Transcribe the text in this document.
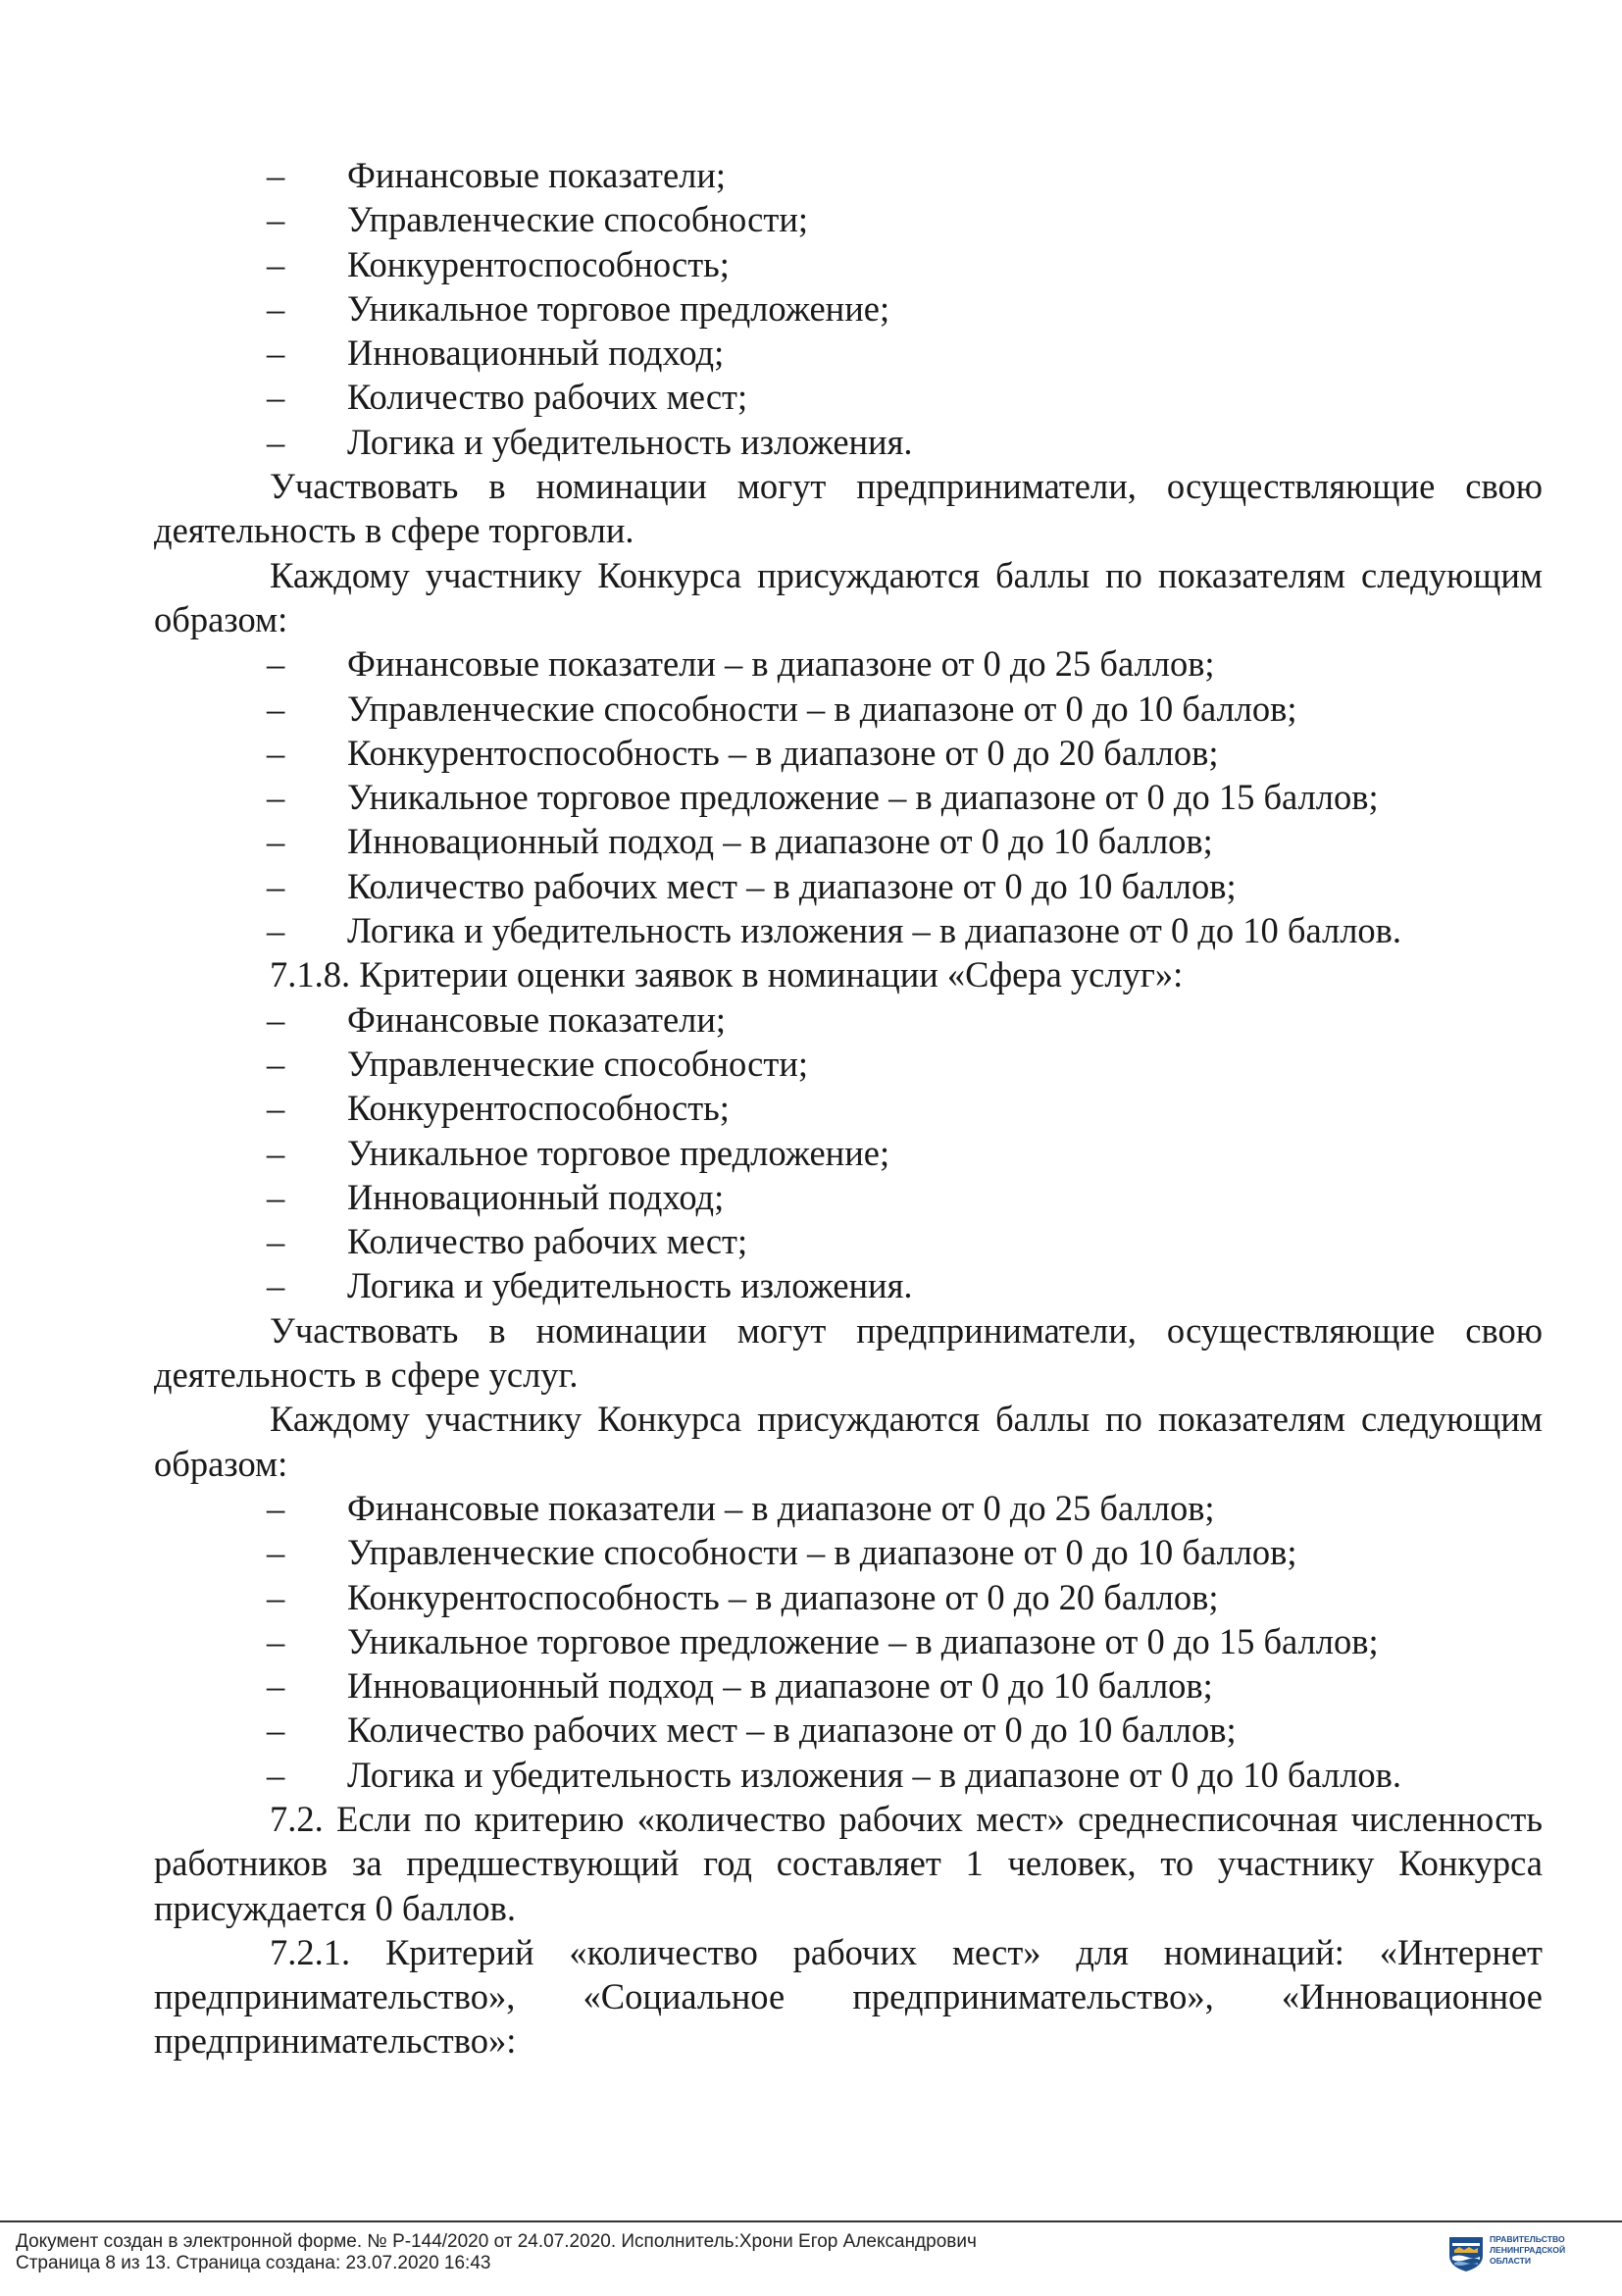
– Финансовые показатели;
– Управленческие способности;
– Конкурентоспособность;
– Уникальное торговое предложение;
– Инновационный подход;
– Количество рабочих мест;
– Логика и убедительность изложения.
Участвовать в номинации могут предприниматели, осуществляющие свою деятельность в сфере торговли.
Каждому участнику Конкурса присуждаются баллы по показателям следующим образом:
– Финансовые показатели – в диапазоне от 0 до 25 баллов;
– Управленческие способности – в диапазоне от 0 до 10 баллов;
– Конкурентоспособность – в диапазоне от 0 до 20 баллов;
– Уникальное торговое предложение – в диапазоне от 0 до 15 баллов;
– Инновационный подход – в диапазоне от 0 до 10 баллов;
– Количество рабочих мест – в диапазоне от 0 до 10 баллов;
– Логика и убедительность изложения – в диапазоне от 0 до 10 баллов.
7.1.8. Критерии оценки заявок в номинации «Сфера услуг»:
– Финансовые показатели;
– Управленческие способности;
– Конкурентоспособность;
– Уникальное торговое предложение;
– Инновационный подход;
– Количество рабочих мест;
– Логика и убедительность изложения.
Участвовать в номинации могут предприниматели, осуществляющие свою деятельность в сфере услуг.
Каждому участнику Конкурса присуждаются баллы по показателям следующим образом:
– Финансовые показатели – в диапазоне от 0 до 25 баллов;
– Управленческие способности – в диапазоне от 0 до 10 баллов;
– Конкурентоспособность – в диапазоне от 0 до 20 баллов;
– Уникальное торговое предложение – в диапазоне от 0 до 15 баллов;
– Инновационный подход – в диапазоне от 0 до 10 баллов;
– Количество рабочих мест – в диапазоне от 0 до 10 баллов;
– Логика и убедительность изложения – в диапазоне от 0 до 10 баллов.
7.2. Если по критерию «количество рабочих мест» среднесписочная численность работников за предшествующий год составляет 1 человек, то участнику Конкурса присуждается 0 баллов.
7.2.1. Критерий «количество рабочих мест» для номинаций: «Интернет предпринимательство», «Социальное предпринимательство», «Инновационное предпринимательство»:
Документ создан в электронной форме. № Р-144/2020 от 24.07.2020. Исполнитель:Хрони Егор Александрович
Страница 8 из 13. Страница создана: 23.07.2020 16:43
ПРАВИТЕЛЬСТВО
ЛЕНИНГРАДСКОЙ
ОБЛАСТИ
